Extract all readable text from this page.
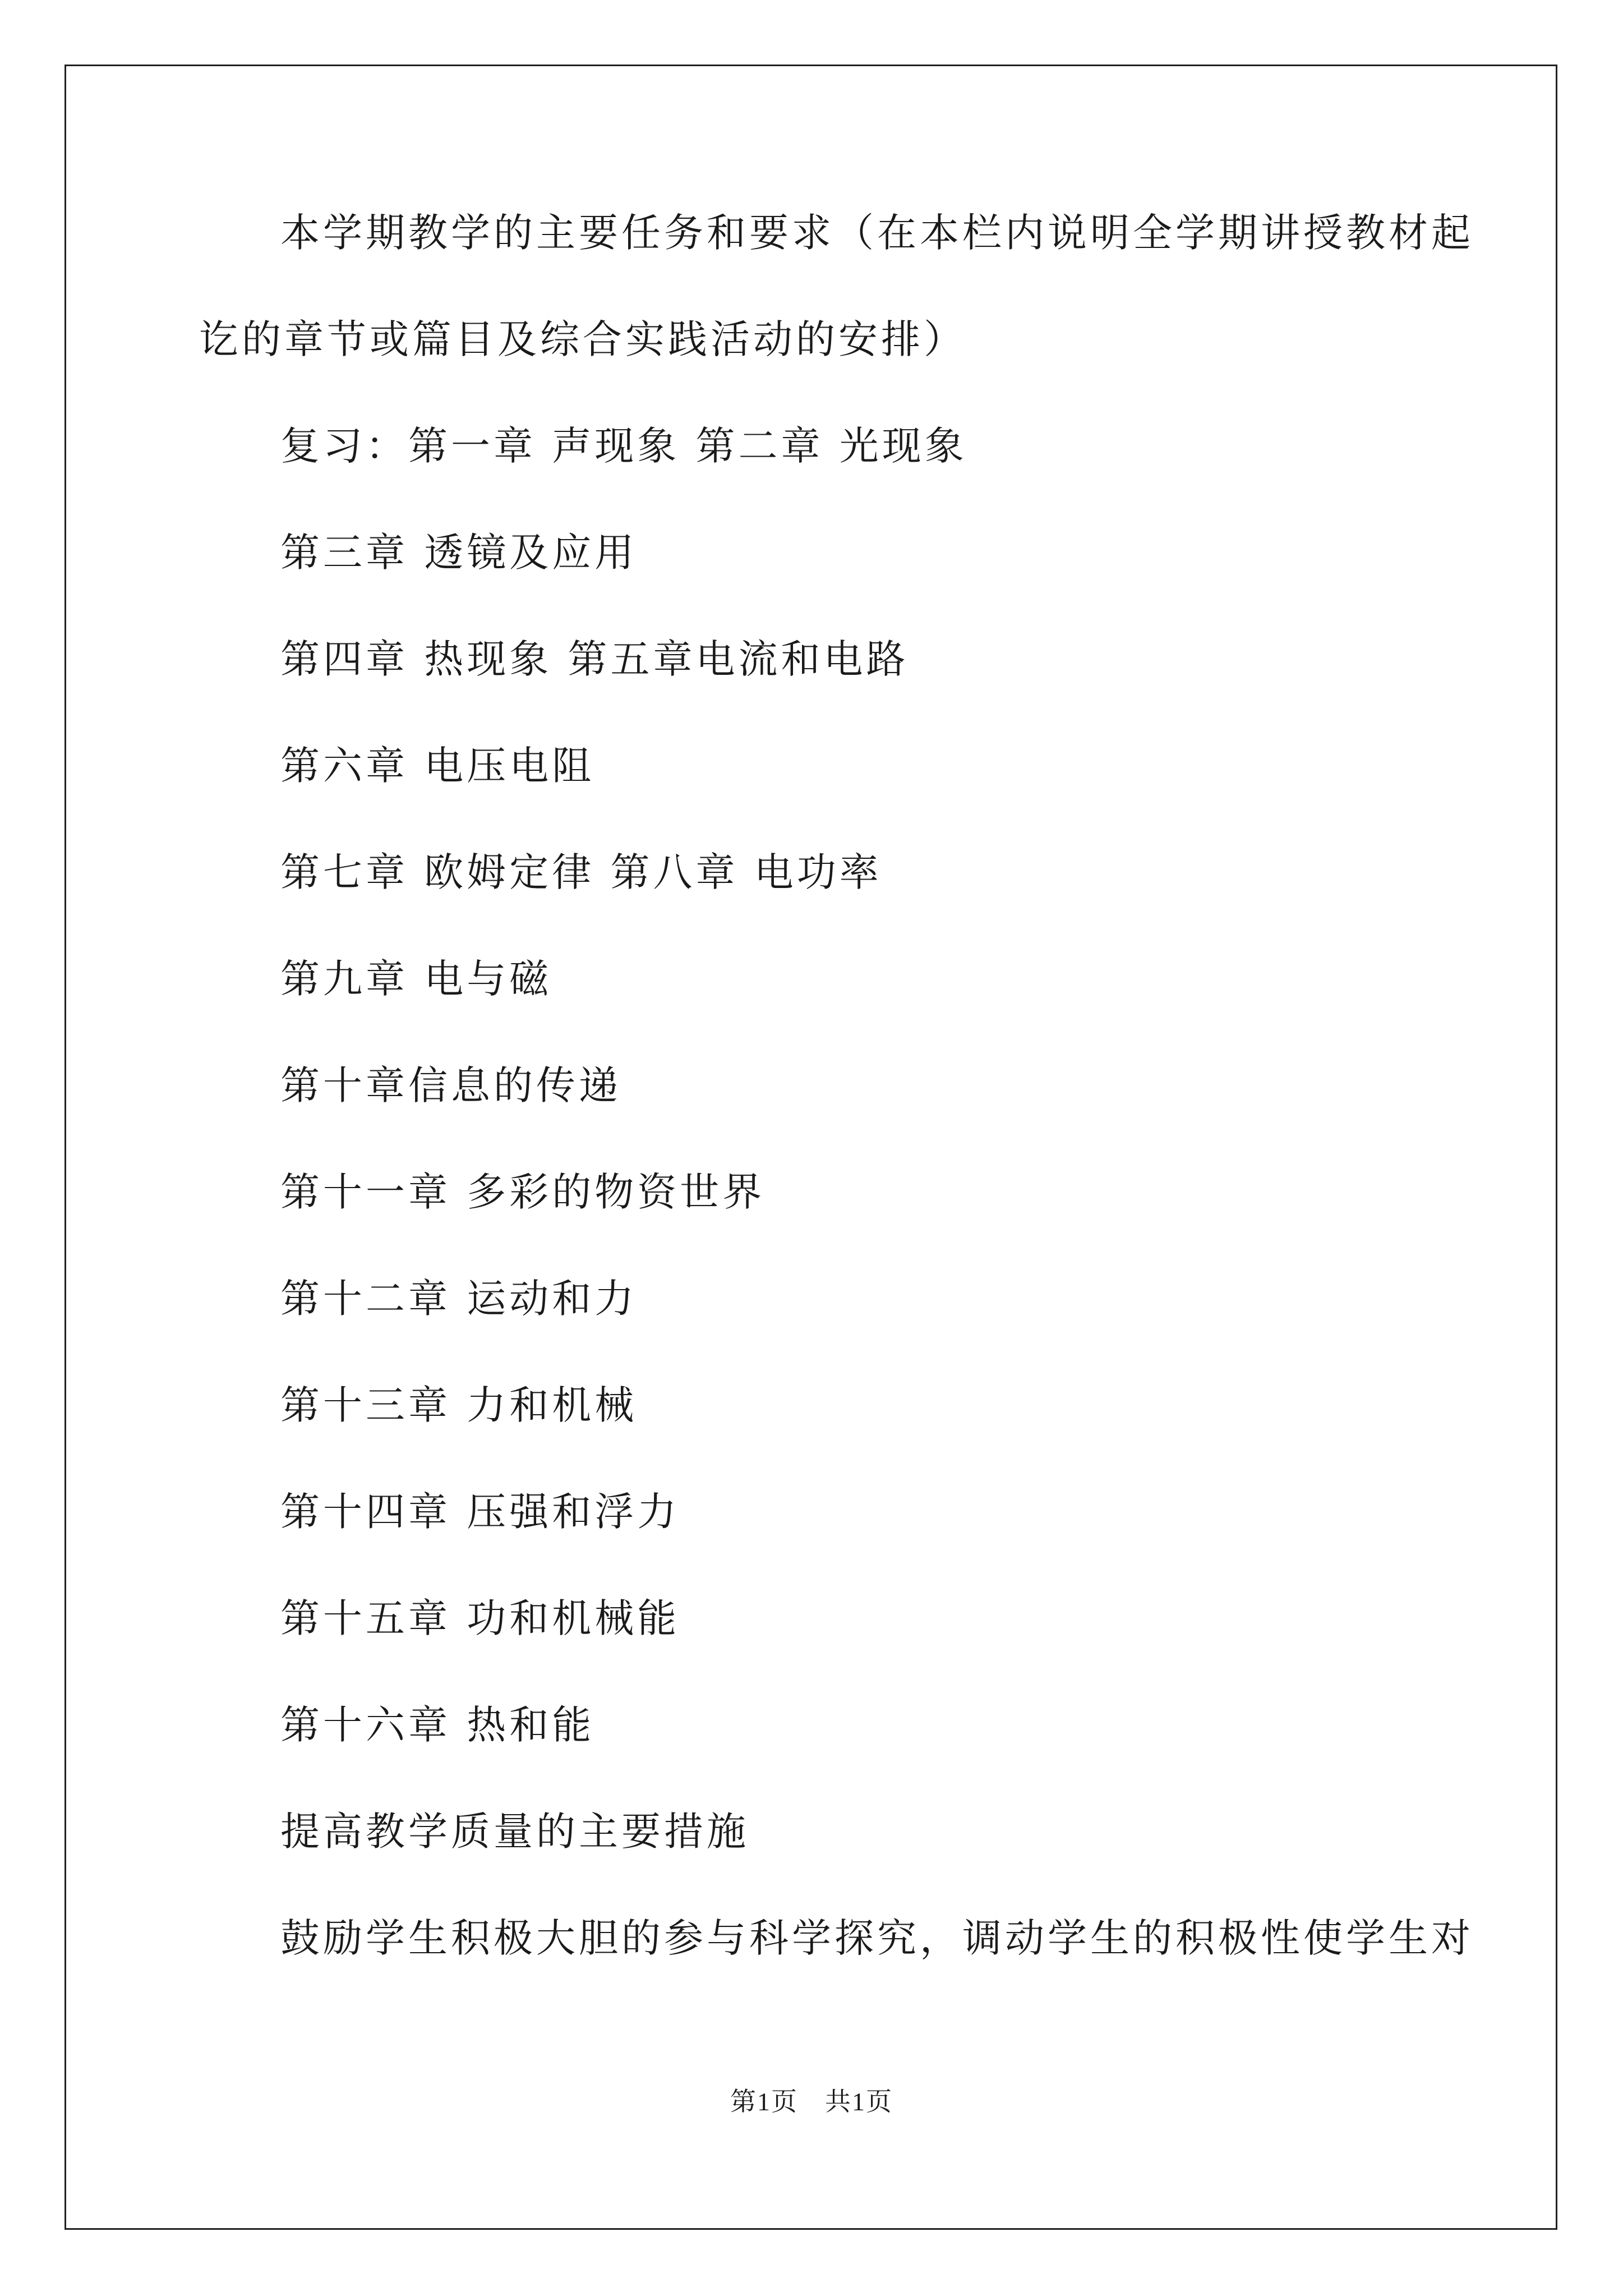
本学期教学的主要任务和要求（在本栏内说明全学期讲授教材起
讫的章节或篇目及综合实践活动的安排）
复习：第一章 声现象 第二章 光现象
第三章 透镜及应用
第四章 热现象 第五章电流和电路
第六章 电压电阻
第七章 欧姆定律 第八章 电功率
第九章 电与磁
第十章信息的传递
第十一章 多彩的物资世界
第十二章 运动和力
第十三章 力和机械
第十四章 压强和浮力
第十五章 功和机械能
第十六章 热和能
提高教学质量的主要措施
鼓励学生积极大胆的参与科学探究，调动学生的积极性使学生对
第1页　共1页
